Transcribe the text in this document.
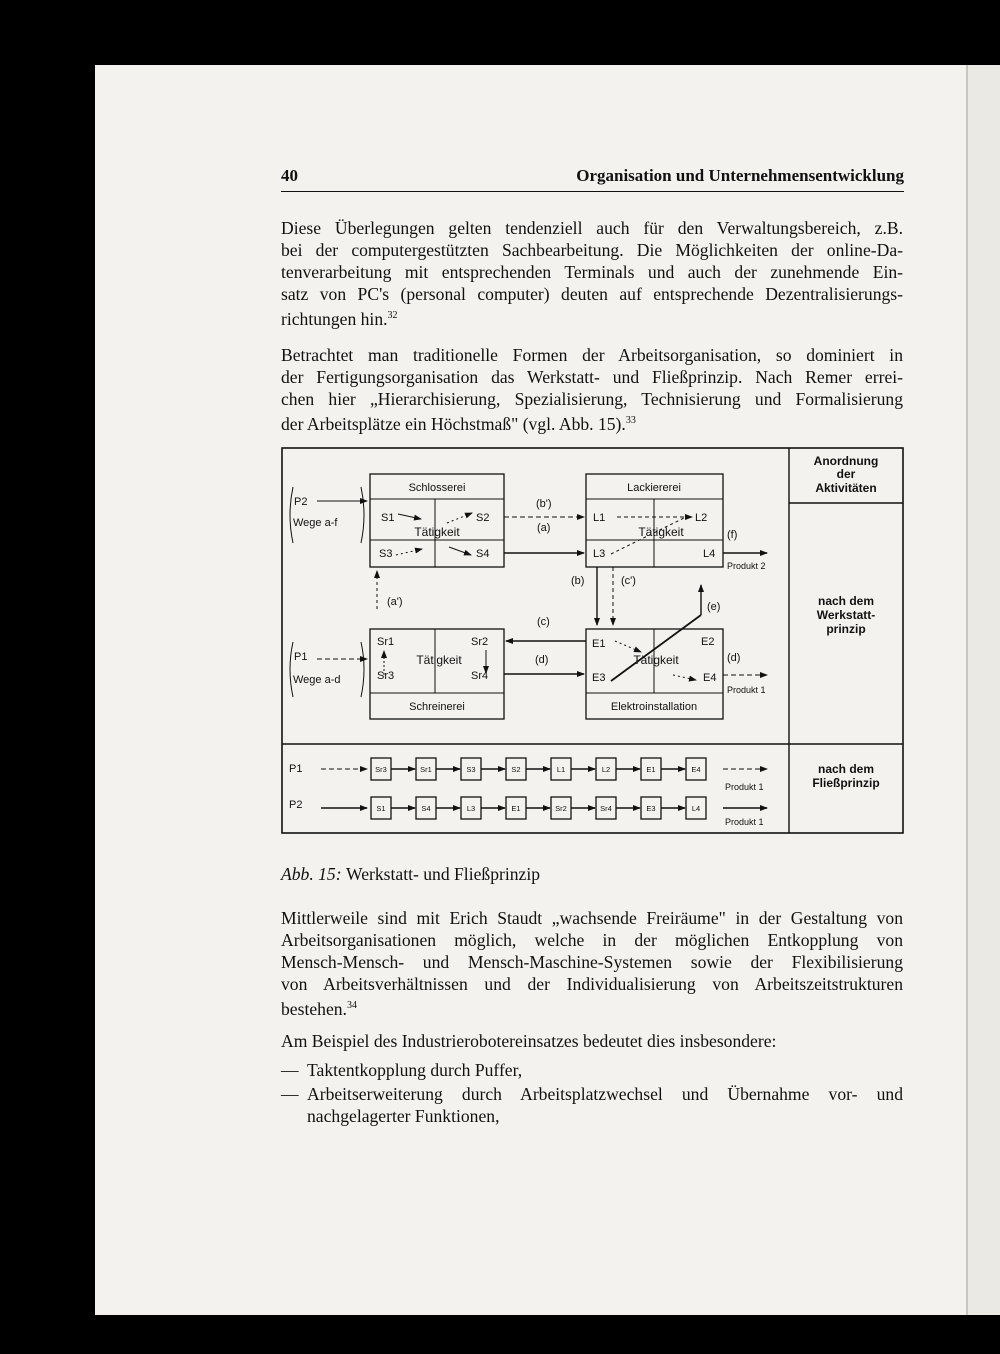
40	Organisation und Unternehmensentwicklung
Diese Überlegungen gelten tendenziell auch für den Verwaltungsbereich, z.B.
bei der computergestützten Sachbearbeitung. Die Möglichkeiten der online-Da-
tenverarbeitung mit entsprechenden Terminals und auch der zunehmende Ein-
satz von PC's (personal computer) deuten auf entsprechende Dezentralisierungs-
richtungen hin.$^{32}$
Betrachtet man traditionelle Formen der Arbeitsorganisation, so dominiert in
der Fertigungsorganisation das Werkstatt- und Fließprinzip. Nach Remer errei-
chen hier „Hierarchisierung, Spezialisierung, Technisierung und Formalisierung
der Arbeitsplätze ein Höchstmaß" (vgl. Abb. 15).$^{33}$
Anordnung
der
Aktivitäten
nach dem
Werkstatt-
prinzip
nach dem
Fließprinzip
Schlosserei
Tätigkeit
S1	S2
S3	S4
Lackiererei
Tätigkeit
L1	L2
L3	L4
Sr1	Sr2
Sr3	Sr4
Tätigkeit
Schreinerei
E1	E2
E3	E4
Tätigkeit
Elektroinstallation
(e)
P2
Wege a-f
P1
Wege a-d
(b')
(a)
(f)
Produkt 2
(b)	(c')
(c)
(d)	(d)
Produkt 1
(a')
P1
P2
Sr3	Sr1	S3	S2	L1	L2	E1	E4
S1	S4	L3	E1	Sr2	Sr4	E3	L4
Produkt 1
Produkt 1
Abb. 15: Werkstatt- und Fließprinzip
Mittlerweile sind mit Erich Staudt „wachsende Freiräume" in der Gestaltung von
Arbeitsorganisationen möglich, welche in der möglichen Entkopplung von
Mensch-Mensch- und Mensch-Maschine-Systemen sowie der Flexibilisierung
von Arbeitsverhältnissen und der Individualisierung von Arbeitszeitstrukturen
bestehen.$^{34}$
Am Beispiel des Industrierobotereinsatzes bedeutet dies insbesondere:
— Taktentkopplung durch Puffer,
— Arbeitserweiterung durch Arbeitsplatzwechsel und Übernahme vor- und
nachgelagerter Funktionen,
